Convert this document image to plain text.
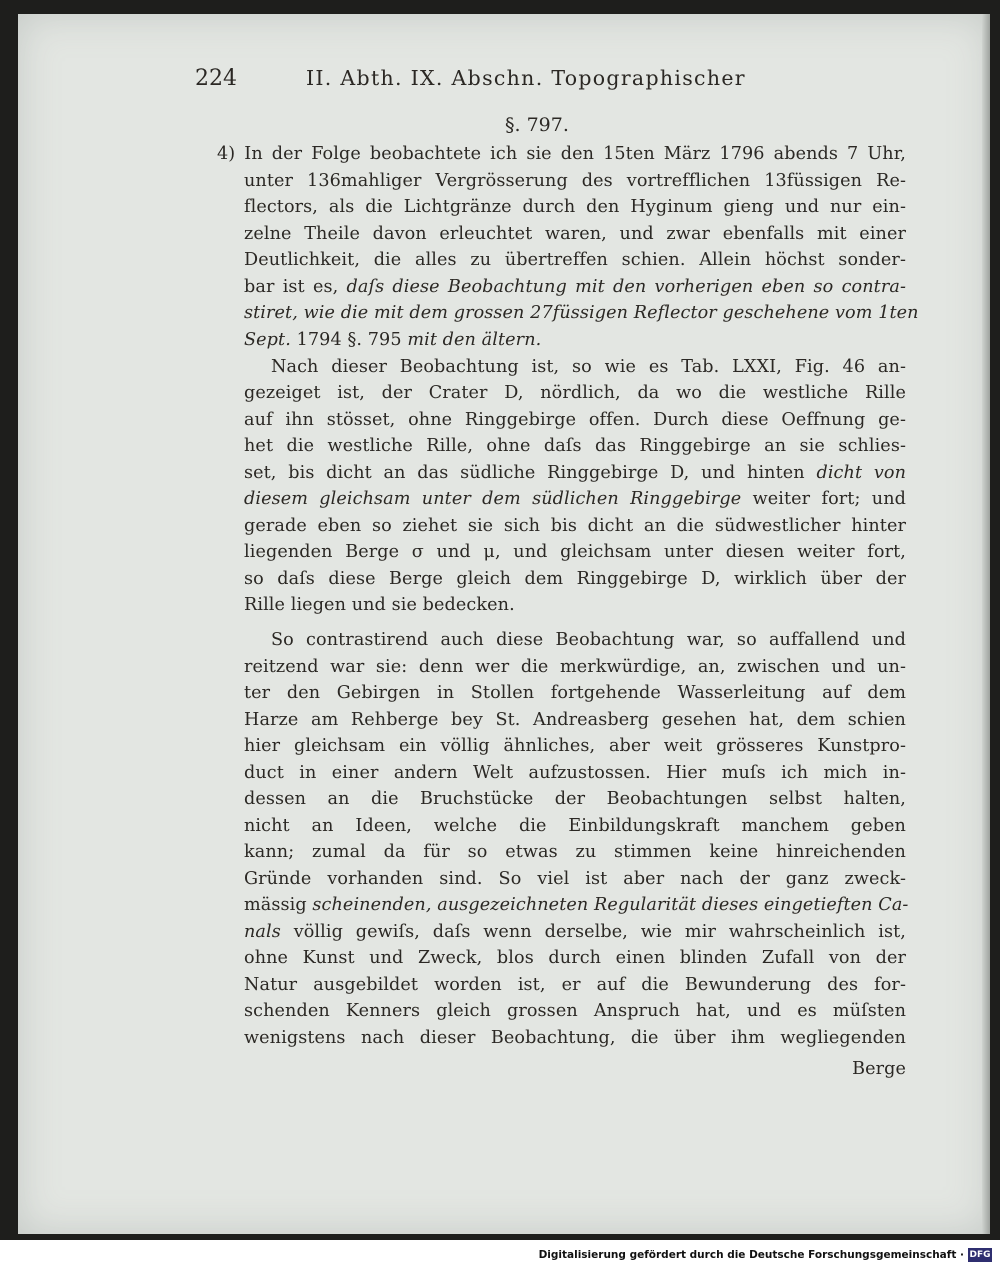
224	II. Abth. IX. Abschn. Topographischer
§. 797.
4) In der Folge beobachtete ich sie den 15ten März 1796 abends 7 Uhr,
unter 136mahliger Vergrösserung des vortrefflichen 13füssigen Re-
flectors, als die Lichtgränze durch den Hyginum gieng und nur ein-
zelne Theile davon erleuchtet waren, und zwar ebenfalls mit einer
Deutlichkeit, die alles zu übertreffen schien. Allein höchst sonder-
bar ist es, daſs diese Beobachtung mit den vorherigen eben so contra-
stiret, wie die mit dem grossen 27füssigen Reflector geschehene vom 1ten
Sept. 1794 §. 795 mit den ältern.
Nach dieser Beobachtung ist, so wie es Tab. LXXI, Fig. 46 an-
gezeiget ist, der Crater D, nördlich, da wo die westliche Rille
auf ihn stösset, ohne Ringgebirge offen. Durch diese Oeffnung ge-
het die westliche Rille, ohne daſs das Ringgebirge an sie schlies-
set, bis dicht an das südliche Ringgebirge D, und hinten dicht von
diesem gleichsam unter dem südlichen Ringgebirge weiter fort; und
gerade eben so ziehet sie sich bis dicht an die südwestlicher hinter
liegenden Berge σ und μ, und gleichsam unter diesen weiter fort,
so daſs diese Berge gleich dem Ringgebirge D, wirklich über der
Rille liegen und sie bedecken.
So contrastirend auch diese Beobachtung war, so auffallend und
reitzend war sie: denn wer die merkwürdige, an, zwischen und un-
ter den Gebirgen in Stollen fortgehende Wasserleitung auf dem
Harze am Rehberge bey St. Andreasberg gesehen hat, dem schien
hier gleichsam ein völlig ähnliches, aber weit grösseres Kunstpro-
duct in einer andern Welt aufzustossen. Hier muſs ich mich in-
dessen an die Bruchstücke der Beobachtungen selbst halten,
nicht an Ideen, welche die Einbildungskraft manchem geben
kann; zumal da für so etwas zu stimmen keine hinreichenden
Gründe vorhanden sind. So viel ist aber nach der ganz zweck-
mässig scheinenden, ausgezeichneten Regularität dieses eingetieften Ca-
nals völlig gewiſs, daſs wenn derselbe, wie mir wahrscheinlich ist,
ohne Kunst und Zweck, blos durch einen blinden Zufall von der
Natur ausgebildet worden ist, er auf die Bewunderung des for-
schenden Kenners gleich grossen Anspruch hat, und es müſsten
wenigstens nach dieser Beobachtung, die über ihm wegliegenden
Berge
Digitalisierung gefördert durch die Deutsche Forschungsgemeinschaft · DFG
